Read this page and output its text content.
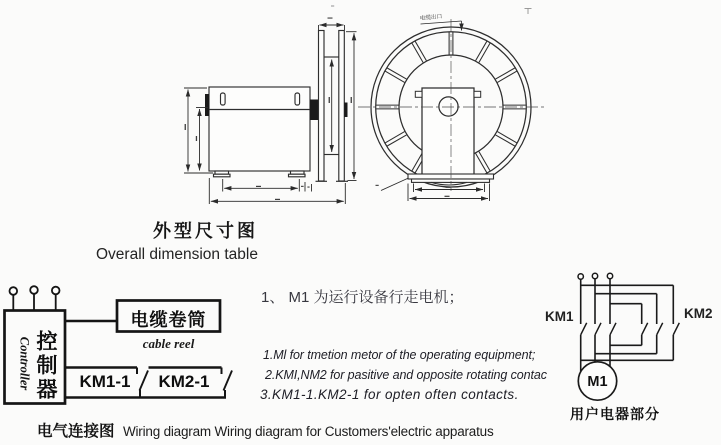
电缆出口
外型尺寸图
Overall dimension table
控制器
Controller
电缆卷筒
cable reel
KM1-1	KM2-1
1、 M1 为运行设备行走电机；
1.Ml for tmetion metor of the operating equipment;
2.KMI,NM2 for pasitive and opposite rotating contac
3.KM1-1.KM2-1 for opten often contacts.
KM1	KM2
M1
用户电器部分
电气连接图 Wiring diagram Wiring diagram for Customers'electric apparatus
